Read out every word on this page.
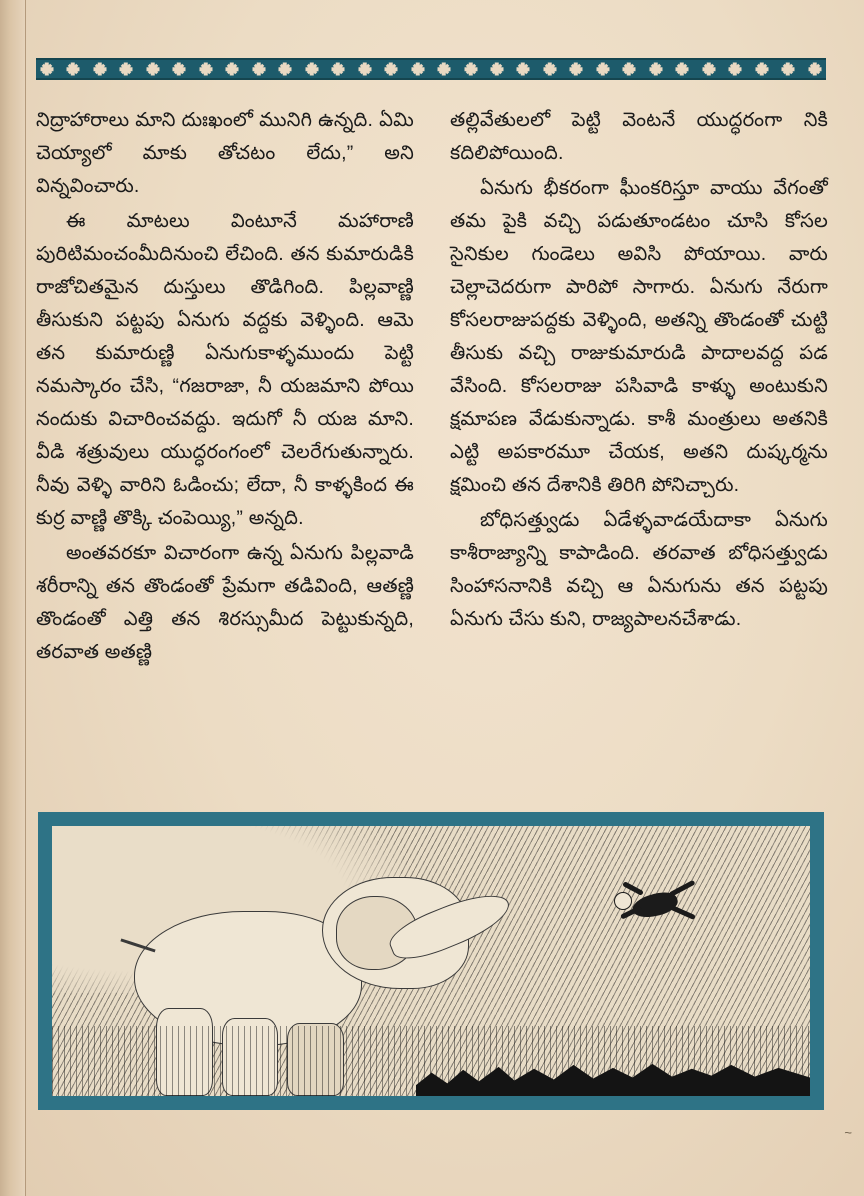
నిద్రాహారాలు మాని దుఃఖంలో మునిగి ఉన్నది. ఏమి చెయ్యాలో మాకు తోచటం లేదు,” అని విన్నవించారు.

ఈ మాటలు వింటూనే మహారాణి పురిటిమంచంమీదినుంచి లేచింది. తన కుమారుడికి రాజోచితమైన దుస్తులు తొడిగింది. పిల్లవాణ్ణి తీసుకుని పట్టపు ఏనుగు వద్దకు వెళ్ళింది. ఆమె తన కుమారుణ్ణి ఏనుగుకాళ్ళముందు పెట్టి నమస్కారం చేసి, “గజరాజా, నీ యజమాని పోయి నందుకు విచారించవద్దు. ఇదుగో నీ యజ మాని. వీడి శత్రువులు యుద్ధరంగంలో చెలరేగుతున్నారు. నీవు వెళ్ళి వారిని ఓడించు; లేదా, నీ కాళ్ళకింద ఈ కుర్ర వాణ్ణి తొక్కి చంపెయ్యి,” అన్నది.

అంతవరకూ విచారంగా ఉన్న ఏనుగు పిల్లవాడి శరీరాన్ని తన తొండంతో ప్రేమగా తడివింది, ఆతణ్ణి తొండంతో ఎత్తి తన శిరస్సుమీద పెట్టుకున్నది, తరవాత అతణ్ణి

తల్లివేతులలో పెట్టి వెంటనే యుద్ధరంగా నికి కదిలిపోయింది.

ఏనుగు భీకరంగా ఘీంకరిస్తూ వాయు వేగంతో తమ పైకి వచ్చి పడుతూండటం చూసి కోసల సైనికుల గుండెలు అవిసి పోయాయి. వారు చెల్లాచెదరుగా పారిపో సాగారు. ఏనుగు నేరుగా కోసలరాజుపద్దకు వెళ్ళింది, అతన్ని తొండంతో చుట్టి తీసుకు వచ్చి రాజుకుమారుడి పాదాలవద్ద పడ వేసింది. కోసలరాజు పసివాడి కాళ్ళు అంటుకుని క్షమాపణ వేడుకున్నాడు. కాశీ మంత్రులు అతనికి ఎట్టి అపకారమూ చేయక, అతని దుష్కర్మను క్షమించి తన దేశానికి తిరిగి పోనిచ్చారు.

బోధిసత్త్వుడు ఏడేళ్ళవాడయేదాకా ఏనుగు కాశీరాజ్యాన్ని కాపాడింది. తరవాత బోధిసత్త్వుడు సింహాసనానికి వచ్చి ఆ ఏనుగును తన పట్టపు ఏనుగు చేసు కుని, రాజ్యపాలనచేశాడు.

~
